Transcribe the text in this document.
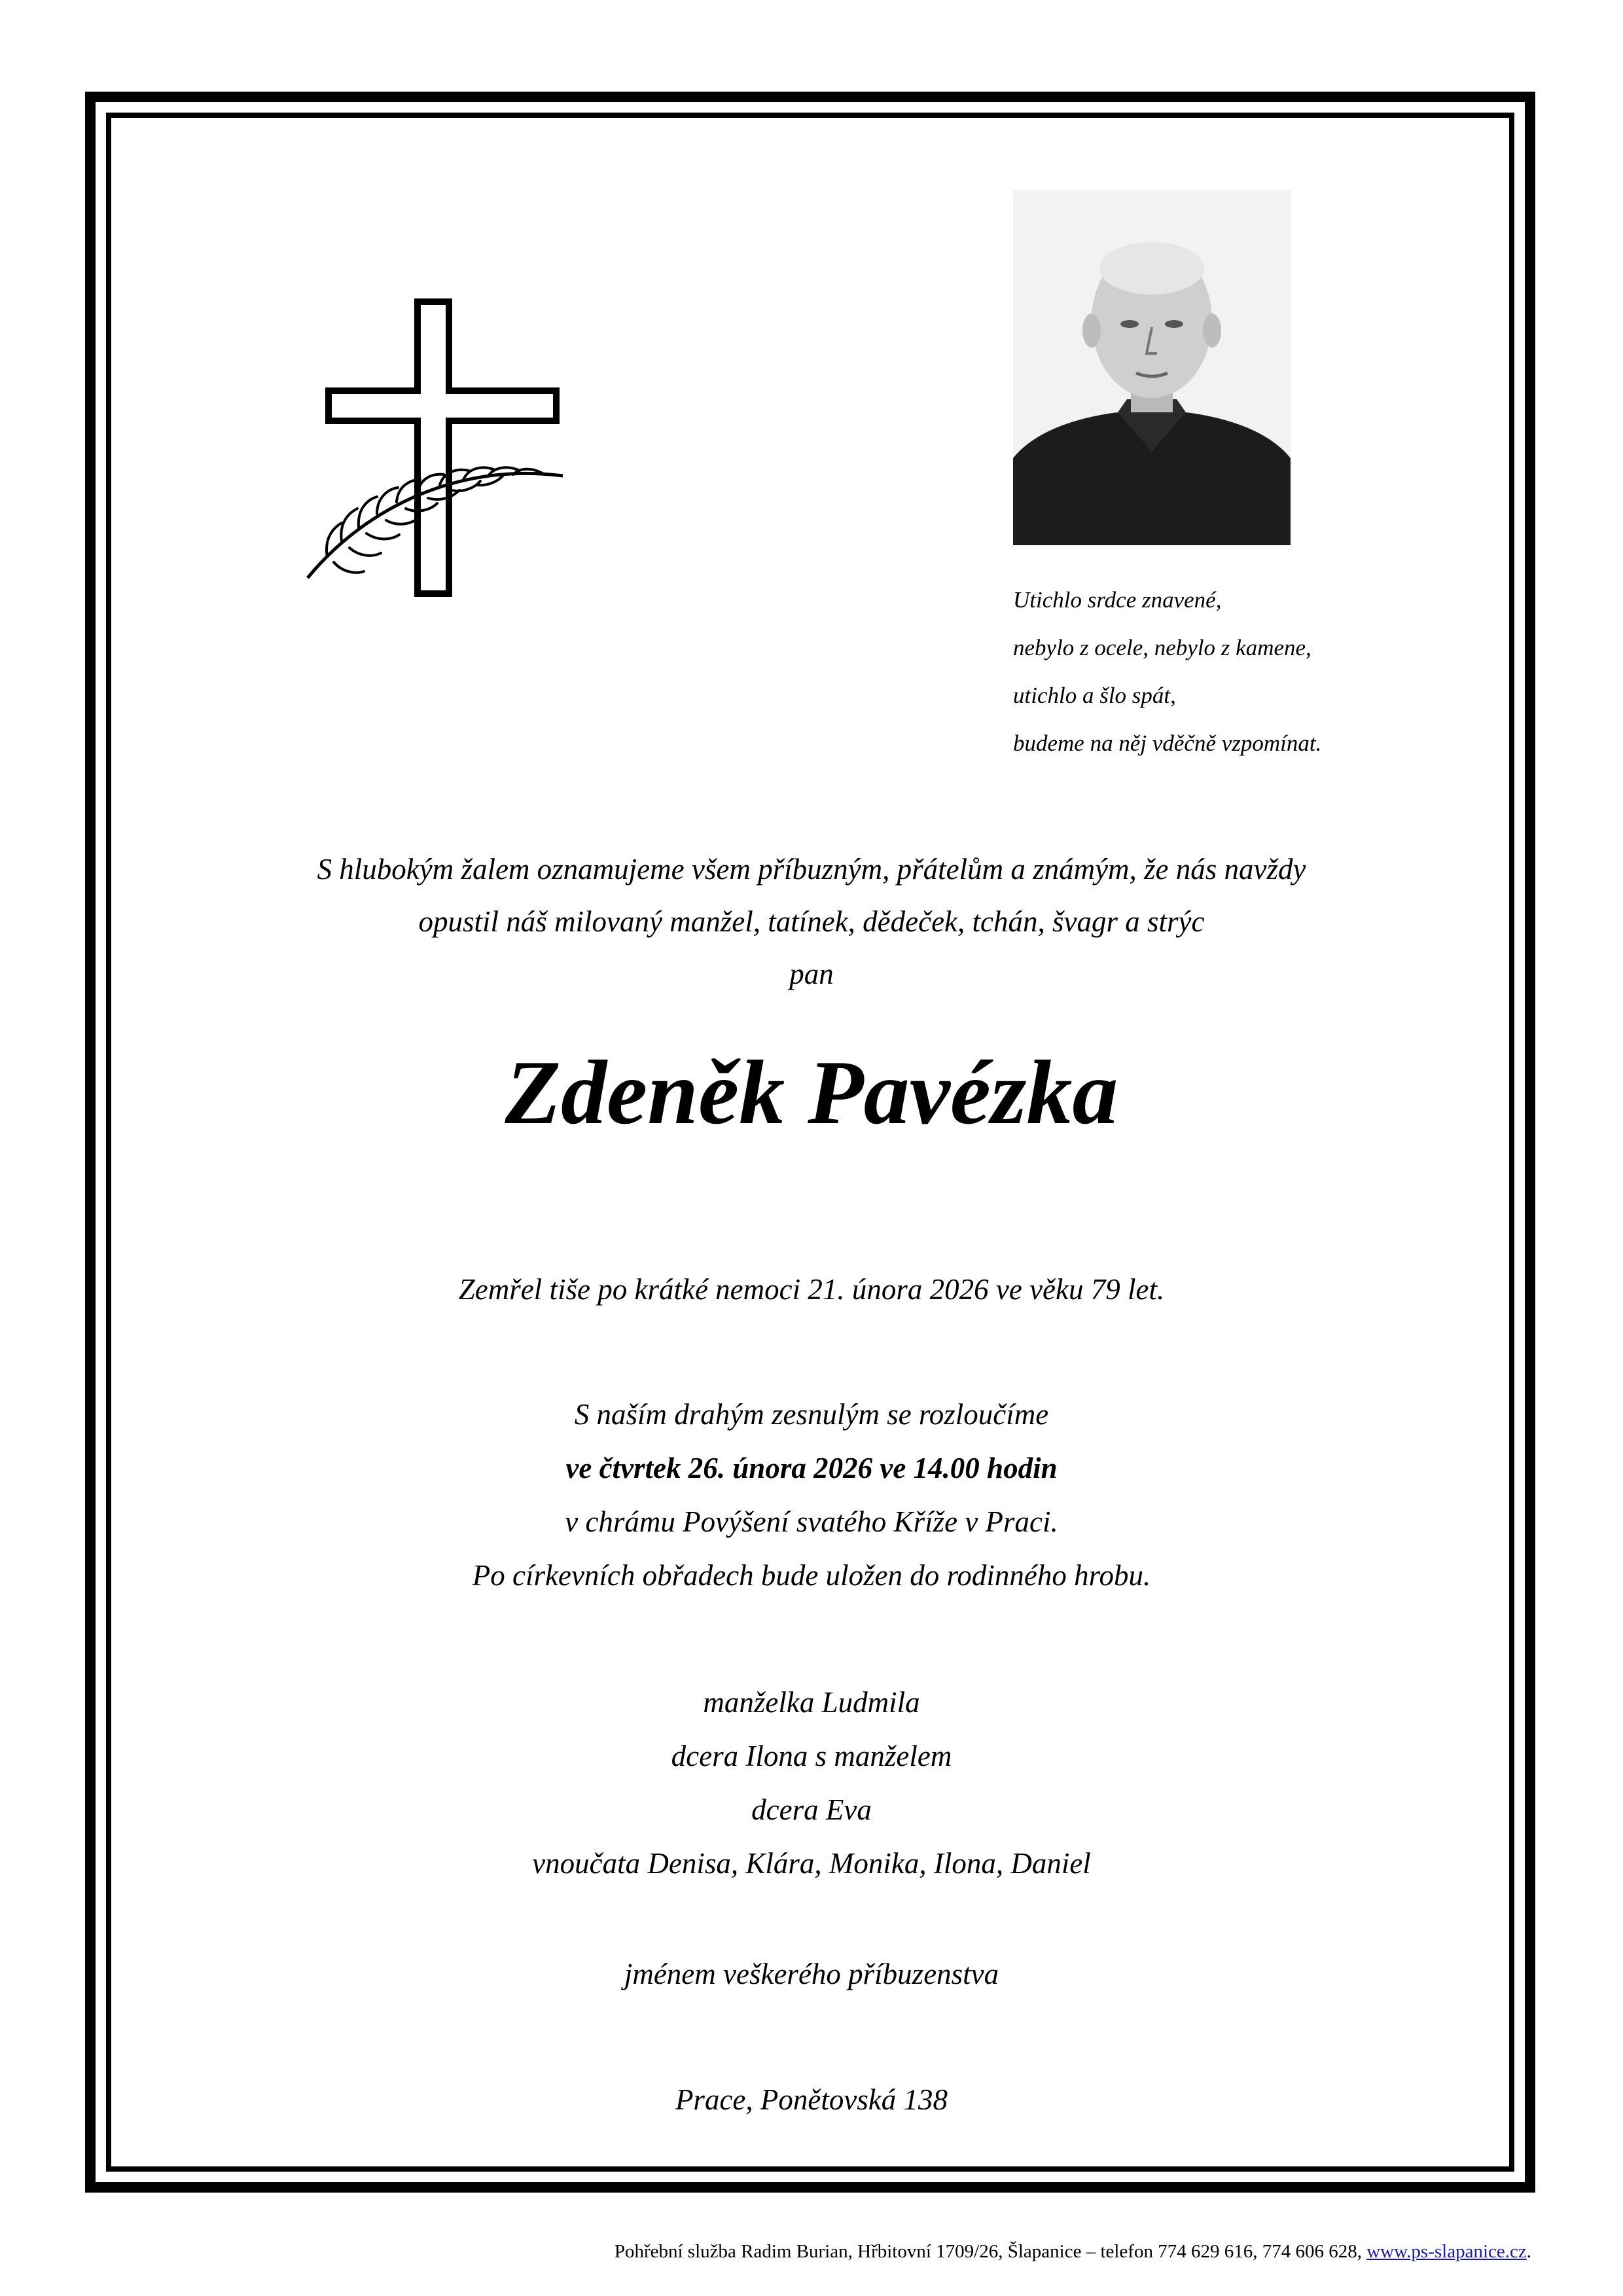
Utichlo srdce znavené,
nebylo z ocele, nebylo z kamene,
utichlo a šlo spát,
budeme na něj vděčně vzpomínat.
S hlubokým žalem oznamujeme všem příbuzným, přátelům a známým, že nás navždy
opustil náš milovaný manžel, tatínek, dědeček, tchán, švagr a strýc
pan
Zdeněk Pavézka
Zemřel tiše po krátké nemoci 21. února 2026 ve věku 79 let.
S naším drahým zesnulým se rozloučíme
ve čtvrtek 26. února 2026 ve 14.00 hodin
v chrámu Povýšení svatého Kříže v Praci.
Po církevních obřadech bude uložen do rodinného hrobu.
manželka Ludmila
dcera Ilona s manželem
dcera Eva
vnoučata Denisa, Klára, Monika, Ilona, Daniel
jménem veškerého příbuzenstva
Prace, Ponětovská 138
Pohřební služba Radim Burian, Hřbitovní 1709/26, Šlapanice – telefon 774 629 616, 774 606 628, www.ps-slapanice.cz.
